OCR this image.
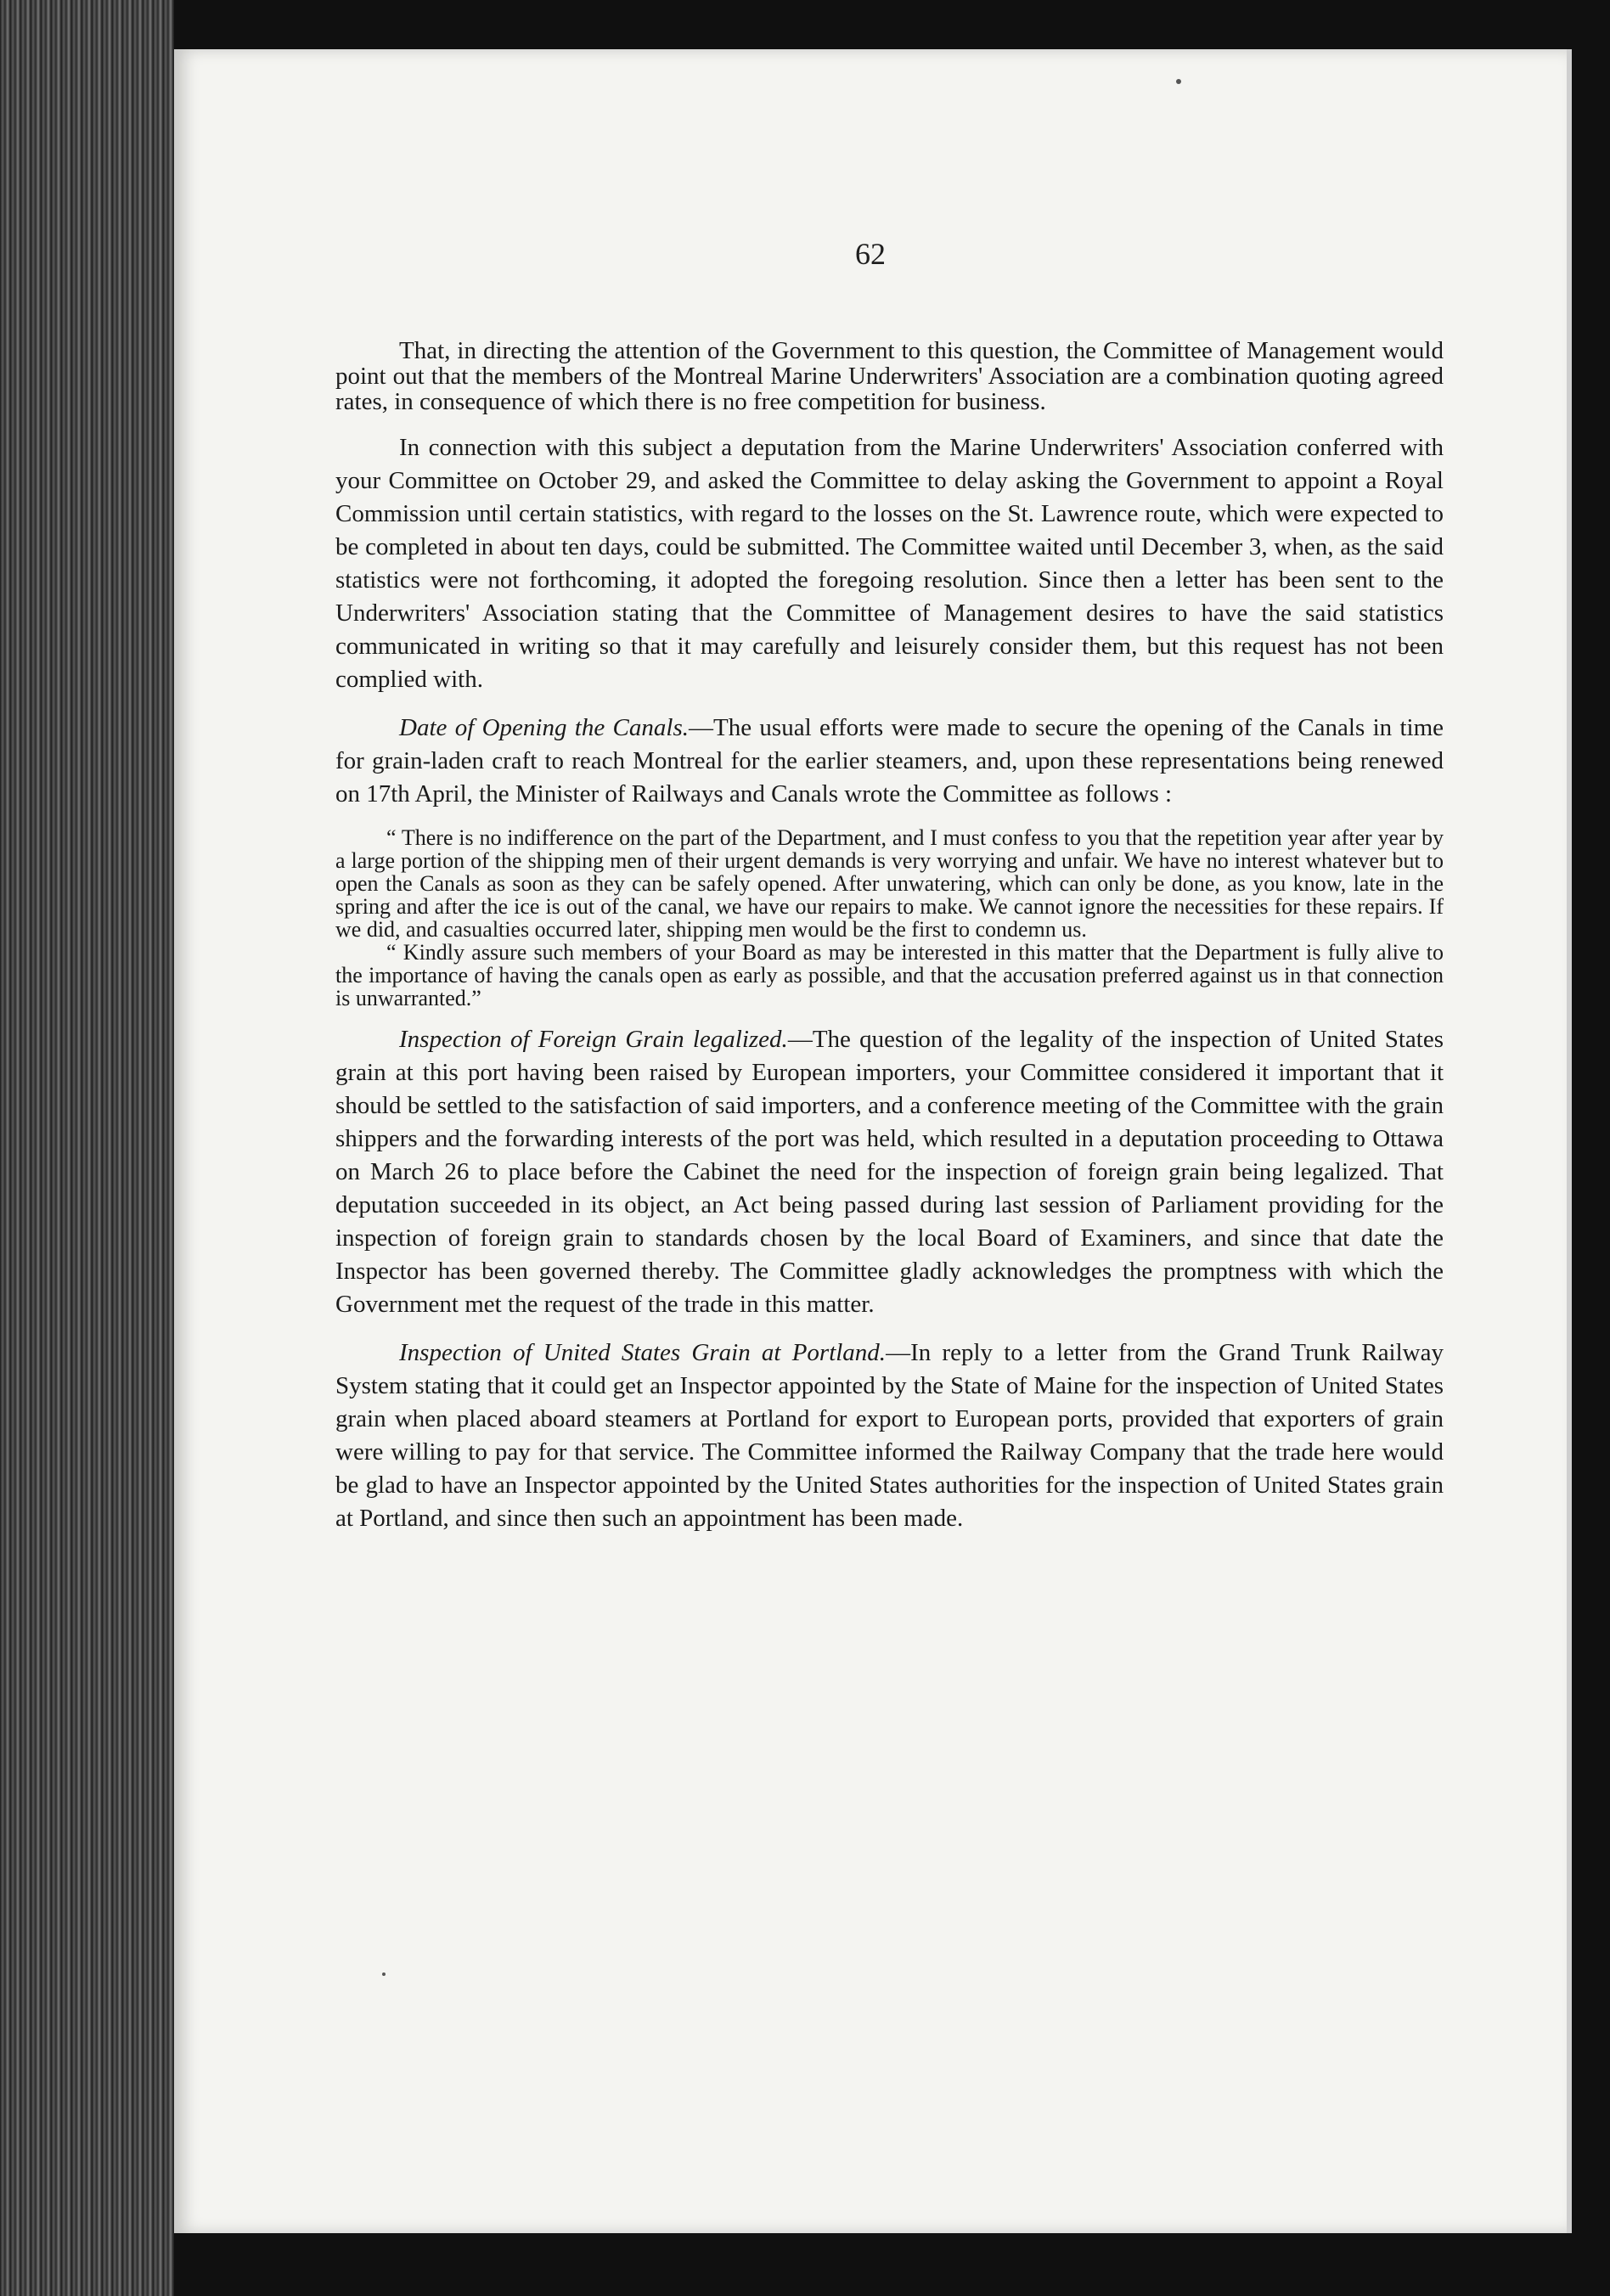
62

That, in directing the attention of the Government to this question, the Committee of Management would point out that the members of the Montreal Marine Underwriters' Association are a combination quoting agreed rates, in consequence of which there is no free competition for business.

In connection with this subject a deputation from the Marine Underwriters' Association conferred with your Committee on October 29, and asked the Committee to delay asking the Government to appoint a Royal Commission until certain statistics, with regard to the losses on the St. Lawrence route, which were expected to be completed in about ten days, could be submitted. The Committee waited until December 3, when, as the said statistics were not forthcoming, it adopted the foregoing resolution. Since then a letter has been sent to the Underwriters' Association stating that the Committee of Management desires to have the said statistics communicated in writing so that it may carefully and leisurely consider them, but this request has not been complied with.

Date of Opening the Canals.—The usual efforts were made to secure the opening of the Canals in time for grain-laden craft to reach Montreal for the earlier steamers, and, upon these representations being renewed on 17th April, the Minister of Railways and Canals wrote the Committee as follows :

“ There is no indifference on the part of the Department, and I must confess to you that the repetition year after year by a large portion of the shipping men of their urgent demands is very worrying and unfair. We have no interest whatever but to open the Canals as soon as they can be safely opened. After unwatering, which can only be done, as you know, late in the spring and after the ice is out of the canal, we have our repairs to make. We cannot ignore the necessities for these repairs. If we did, and casualties occurred later, shipping men would be the first to condemn us.

“ Kindly assure such members of your Board as may be interested in this matter that the Department is fully alive to the importance of having the canals open as early as possible, and that the accusation preferred against us in that connection is unwarranted.”

Inspection of Foreign Grain legalized.—The question of the legality of the inspection of United States grain at this port having been raised by European importers, your Committee considered it important that it should be settled to the satisfaction of said importers, and a conference meeting of the Committee with the grain shippers and the forwarding interests of the port was held, which resulted in a deputation proceeding to Ottawa on March 26 to place before the Cabinet the need for the inspection of foreign grain being legalized. That deputation succeeded in its object, an Act being passed during last session of Parliament providing for the inspection of foreign grain to standards chosen by the local Board of Examiners, and since that date the Inspector has been governed thereby. The Committee gladly acknowledges the promptness with which the Government met the request of the trade in this matter.

Inspection of United States Grain at Portland.—In reply to a letter from the Grand Trunk Railway System stating that it could get an Inspector appointed by the State of Maine for the inspection of United States grain when placed aboard steamers at Portland for export to European ports, provided that exporters of grain were willing to pay for that service. The Committee informed the Railway Company that the trade here would be glad to have an Inspector appointed by the United States authorities for the inspection of United States grain at Portland, and since then such an appointment has been made.
